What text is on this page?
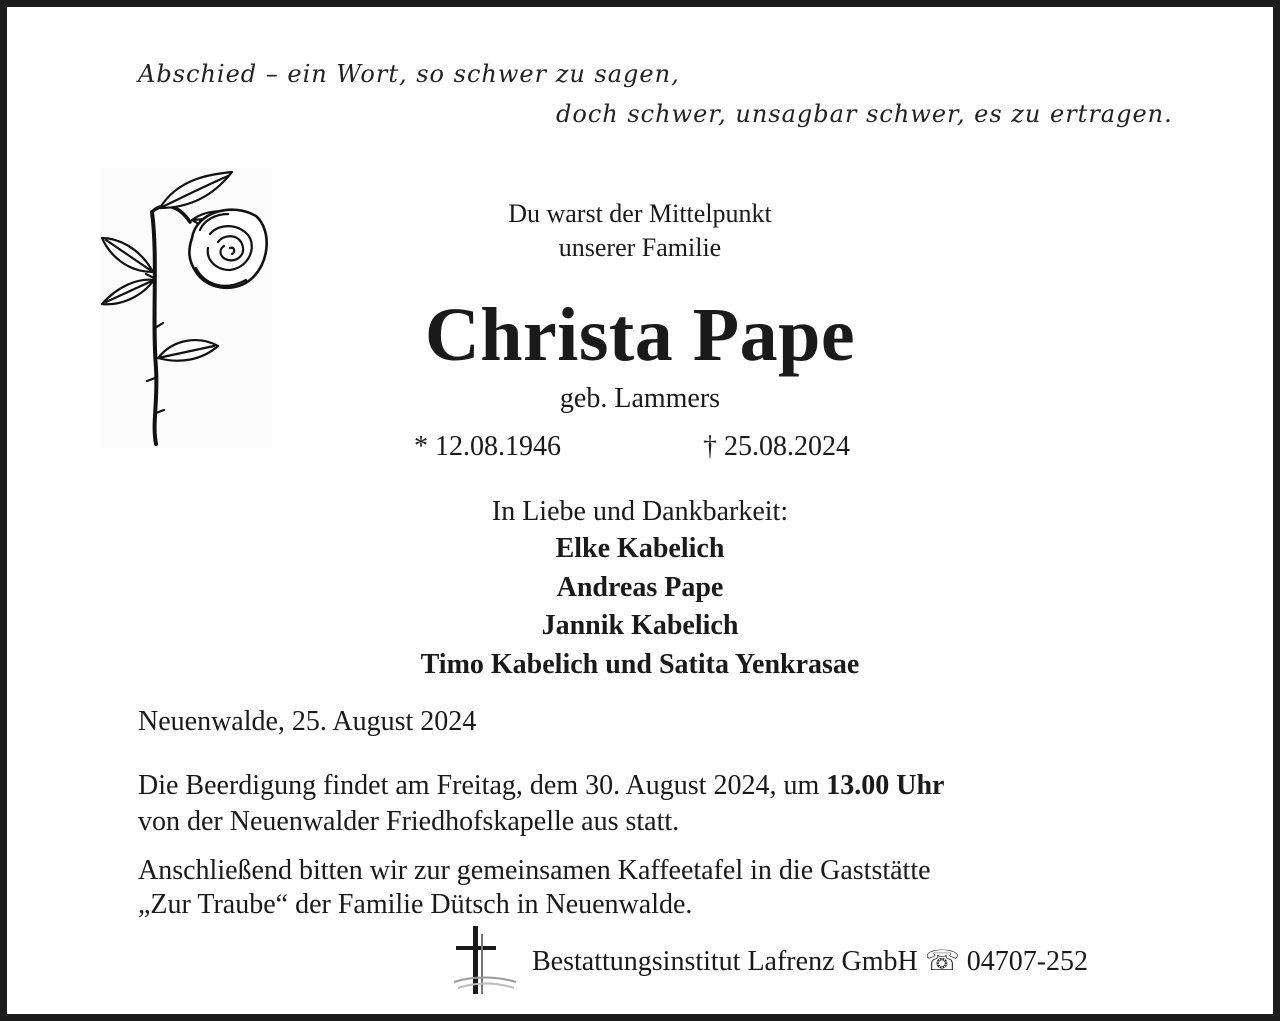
Abschied – ein Wort, so schwer zu sagen,
doch schwer, unsagbar schwer, es zu ertragen.
Du warst der Mittelpunkt
unserer Familie
Christa Pape
geb. Lammers
* 12.08.1946	† 25.08.2024
In Liebe und Dankbarkeit:
Elke Kabelich
Andreas Pape
Jannik Kabelich
Timo Kabelich und Satita Yenkrasae
Neuenwalde, 25. August 2024
Die Beerdigung findet am Freitag, dem 30. August 2024, um 13.00 Uhr
von der Neuenwalder Friedhofskapelle aus statt.
Anschließend bitten wir zur gemeinsamen Kaffeetafel in die Gaststätte
„Zur Traube“ der Familie Dütsch in Neuenwalde.
Bestattungsinstitut Lafrenz GmbH ☏ 04707-252
